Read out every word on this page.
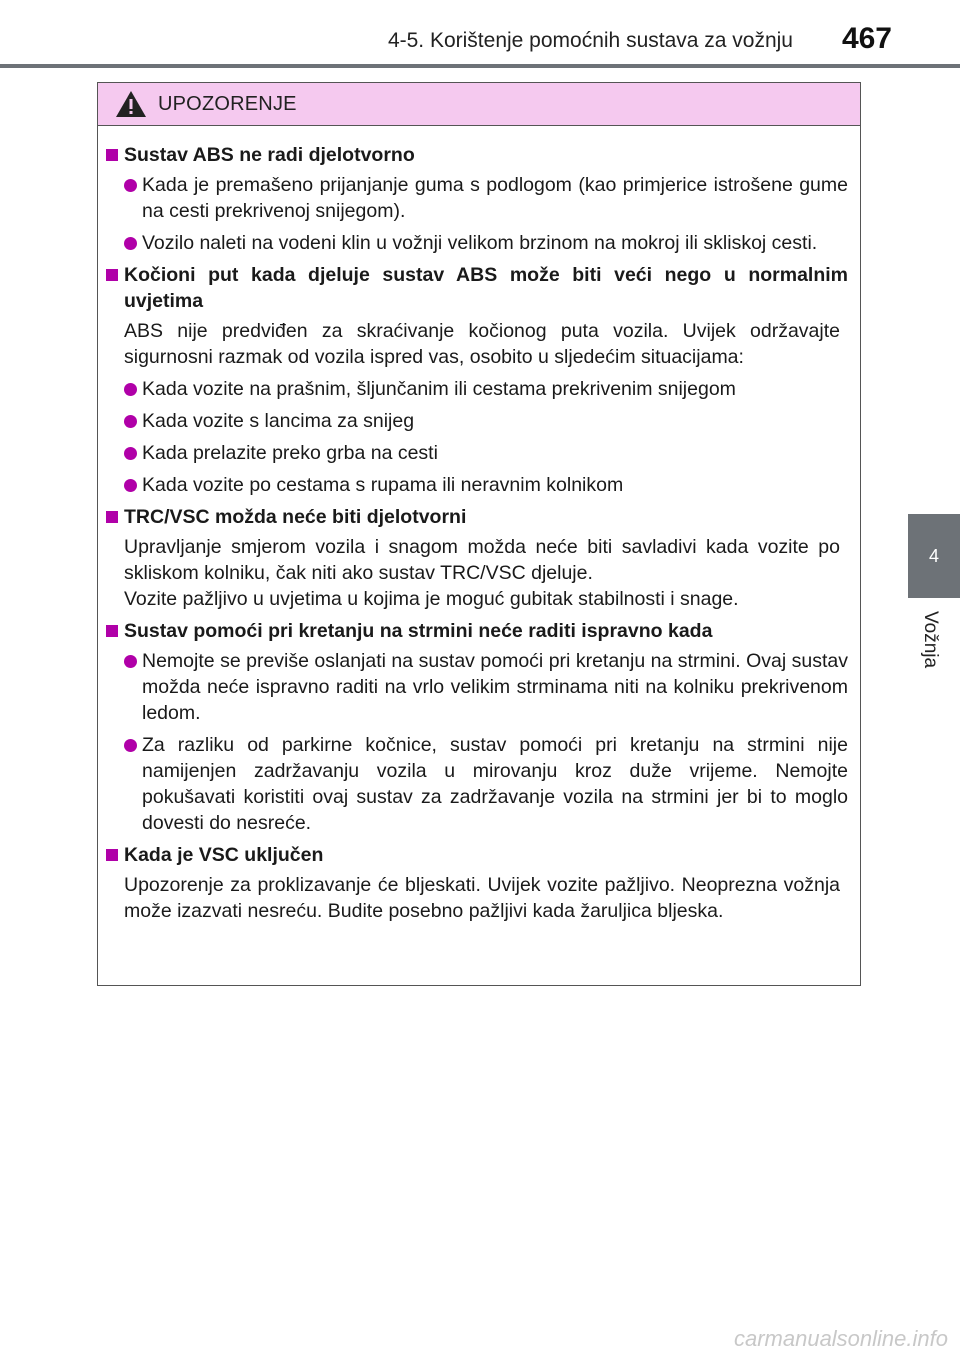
4-5. Korištenje pomoćnih sustava za vožnju 467
4
Vožnja
UPOZORENJE
Sustav ABS ne radi djelotvorno
Kada je premašeno prijanjanje guma s podlogom (kao primjerice istrošene gume na cesti prekrivenoj snijegom).
Vozilo naleti na vodeni klin u vožnji velikom brzinom na mokroj ili skliskoj cesti.
Kočioni put kada djeluje sustav ABS može biti veći nego u normalnim uvjetima
ABS nije predviđen za skraćivanje kočionog puta vozila. Uvijek održavajte sigurnosni razmak od vozila ispred vas, osobito u sljedećim situacijama:
Kada vozite na prašnim, šljunčanim ili cestama prekrivenim snijegom
Kada vozite s lancima za snijeg
Kada prelazite preko grba na cesti
Kada vozite po cestama s rupama ili neravnim kolnikom
TRC/VSC možda neće biti djelotvorni
Upravljanje smjerom vozila i snagom možda neće biti savladivi kada vozite po skliskom kolniku, čak niti ako sustav TRC/VSC djeluje.
Vozite pažljivo u uvjetima u kojima je moguć gubitak stabilnosti i snage.
Sustav pomoći pri kretanju na strmini neće raditi ispravno kada
Nemojte se previše oslanjati na sustav pomoći pri kretanju na strmini. Ovaj sustav možda neće ispravno raditi na vrlo velikim strminama niti na kolniku prekrivenom ledom.
Za razliku od parkirne kočnice, sustav pomoći pri kretanju na strmini nije namijenjen zadržavanju vozila u mirovanju kroz duže vrijeme. Nemojte pokušavati koristiti ovaj sustav za zadržavanje vozila na strmini jer bi to moglo dovesti do nesreće.
Kada je VSC uključen
Upozorenje za proklizavanje će bljeskati. Uvijek vozite pažljivo. Neoprezna vožnja može izazvati nesreću. Budite posebno pažljivi kada žaruljica bljeska.
carmanualsonline.info
